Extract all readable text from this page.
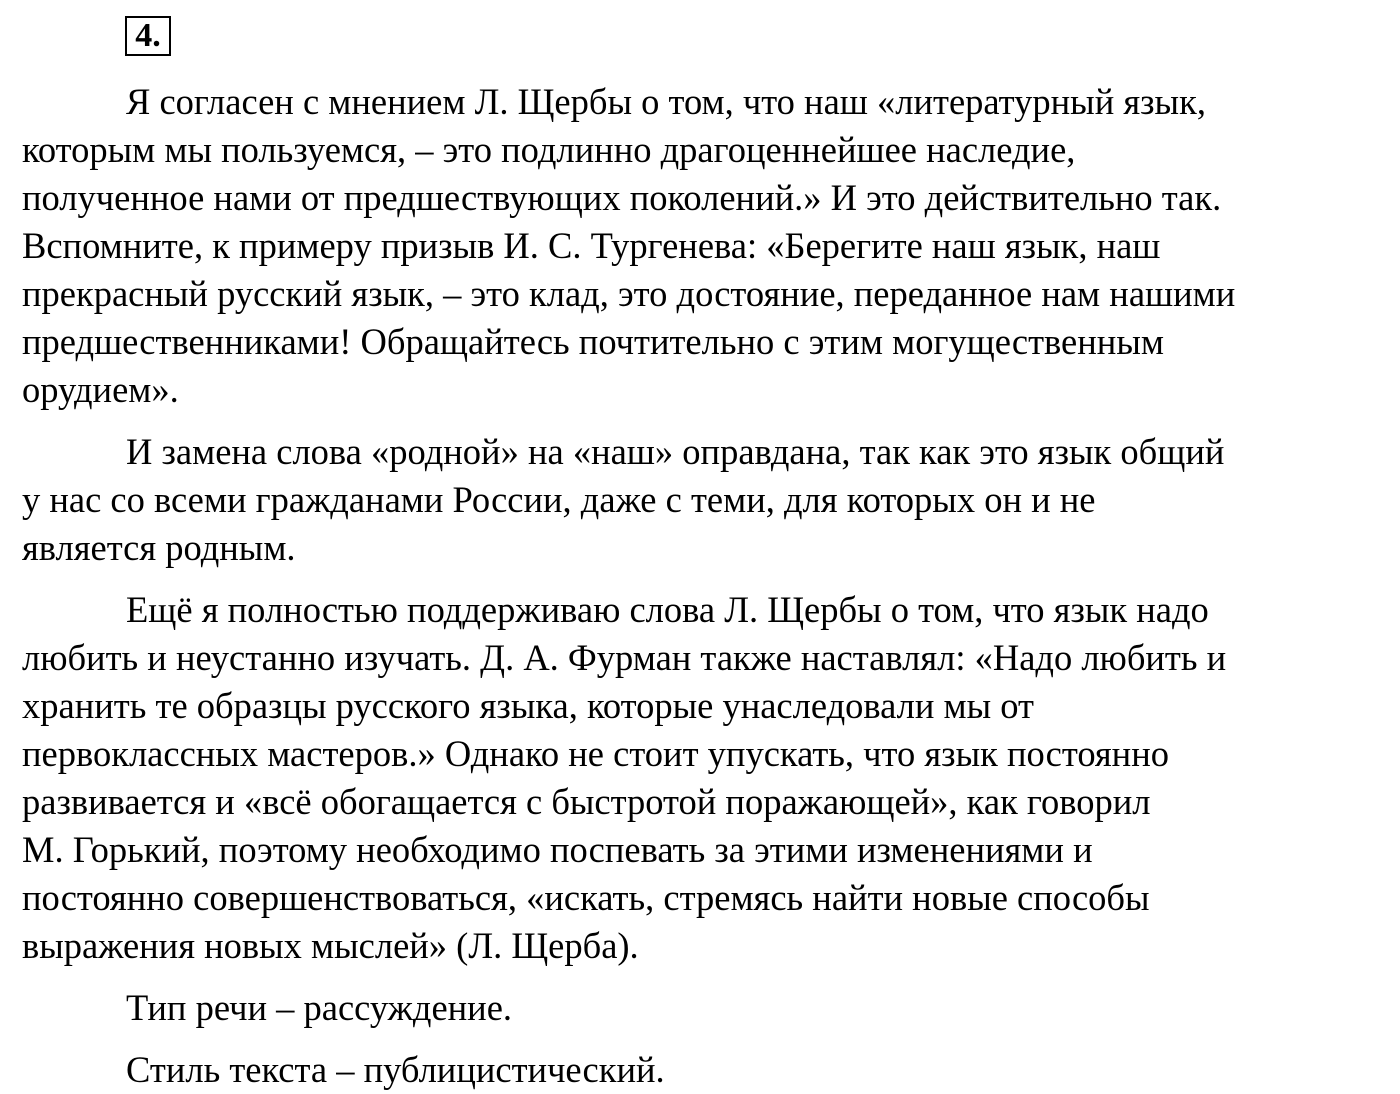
4.

Я согласен с мнением Л. Щербы о том, что наш «литературный язык,
которым мы пользуемся, – это подлинно драгоценнейшее наследие,
полученное нами от предшествующих поколений.» И это действительно так.
Вспомните, к примеру призыв И. С. Тургенева: «Берегите наш язык, наш
прекрасный русский язык, – это клад, это достояние, переданное нам нашими
предшественниками! Обращайтесь почтительно с этим могущественным
орудием».

И замена слова «родной» на «наш» оправдана, так как это язык общий
у нас со всеми гражданами России, даже с теми, для которых он и не
является родным.

Ещё я полностью поддерживаю слова Л. Щербы о том, что язык надо
любить и неустанно изучать. Д. А. Фурман также наставлял: «Надо любить и
хранить те образцы русского языка, которые унаследовали мы от
первоклассных мастеров.» Однако не стоит упускать, что язык постоянно
развивается и «всё обогащается с быстротой поражающей», как говорил
М. Горький, поэтому необходимо поспевать за этими изменениями и
постоянно совершенствоваться, «искать, стремясь найти новые способы
выражения новых мыслей» (Л. Щерба).

Тип речи – рассуждение.

Стиль текста – публицистический.
